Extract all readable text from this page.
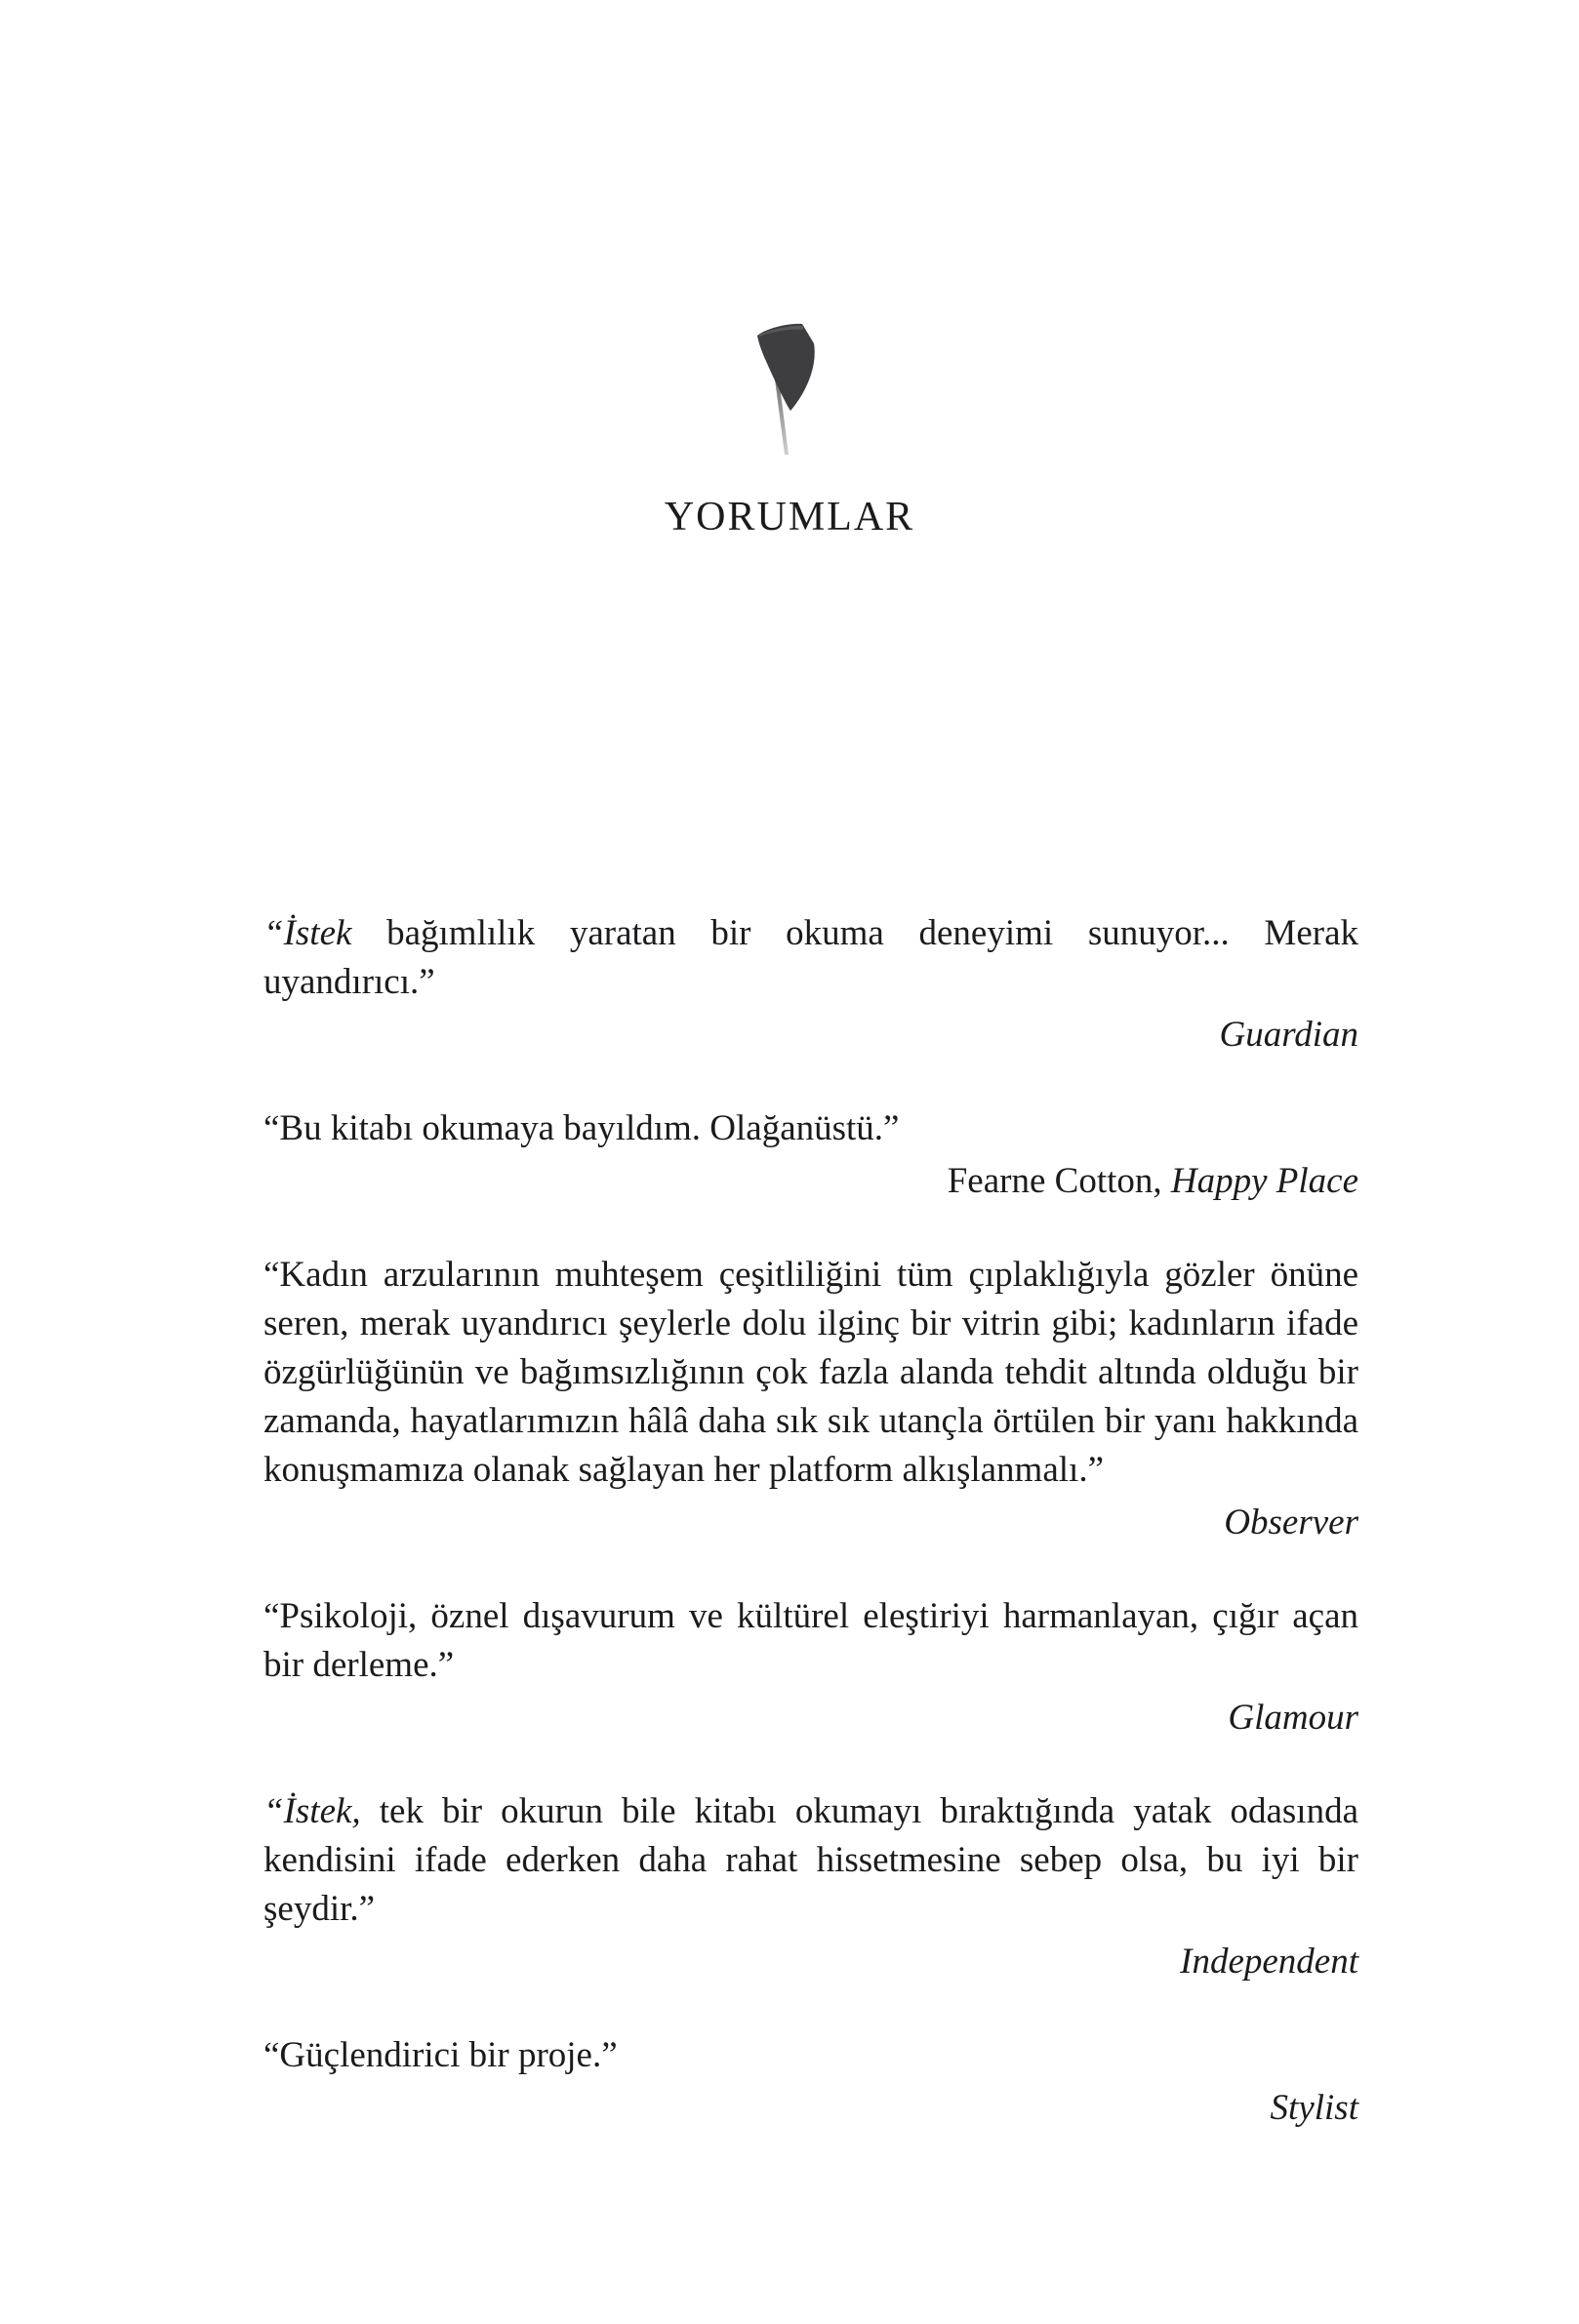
YORUMLAR

“İstek bağımlılık yaratan bir okuma deneyimi sunuyor... Merak uyandırıcı.”

Guardian

“Bu kitabı okumaya bayıldım. Olağanüstü.”

Fearne Cotton, Happy Place

“Kadın arzularının muhteşem çeşitliliğini tüm çıplaklığıyla gözler önüne seren, merak uyandırıcı şeylerle dolu ilginç bir vitrin gibi; kadınların ifade özgürlüğünün ve bağımsızlığının çok fazla alanda tehdit altında olduğu bir zamanda, hayatlarımızın hâlâ daha sık sık utançla örtülen bir yanı hakkında konuşmamıza olanak sağlayan her platform alkışlanmalı.”

Observer

“Psikoloji, öznel dışavurum ve kültürel eleştiriyi harmanlayan, çığır açan bir derleme.”

Glamour

“İstek, tek bir okurun bile kitabı okumayı bıraktığında yatak odasında kendisini ifade ederken daha rahat hissetmesine sebep olsa, bu iyi bir şeydir.”

Independent

“Güçlendirici bir proje.”

Stylist
